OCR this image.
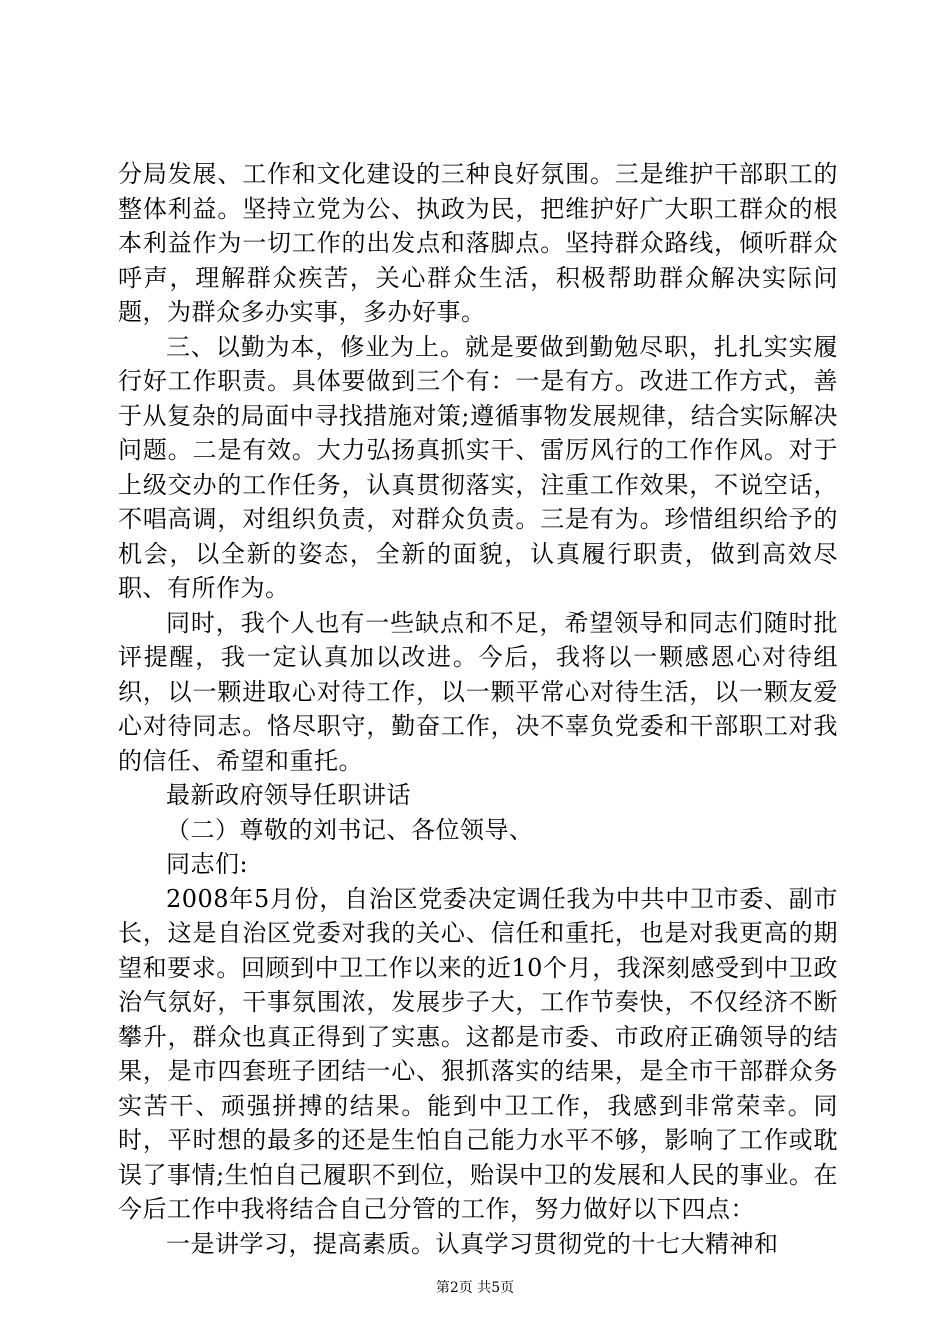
分局发展、工作和文化建设的三种良好氛围。三是维护干部职工的整体利益。坚持立党为公、执政为民，把维护好广大职工群众的根本利益作为一切工作的出发点和落脚点。坚持群众路线，倾听群众呼声，理解群众疾苦，关心群众生活，积极帮助群众解决实际问题，为群众多办实事，多办好事。

三、以勤为本，修业为上。就是要做到勤勉尽职，扎扎实实履行好工作职责。具体要做到三个有：一是有方。改进工作方式，善于从复杂的局面中寻找措施对策;遵循事物发展规律，结合实际解决问题。二是有效。大力弘扬真抓实干、雷厉风行的工作作风。对于上级交办的工作任务，认真贯彻落实，注重工作效果，不说空话，不唱高调，对组织负责，对群众负责。三是有为。珍惜组织给予的机会，以全新的姿态，全新的面貌，认真履行职责，做到高效尽职、有所作为。

同时，我个人也有一些缺点和不足，希望领导和同志们随时批评提醒，我一定认真加以改进。今后，我将以一颗感恩心对待组织，以一颗进取心对待工作，以一颗平常心对待生活，以一颗友爱心对待同志。恪尽职守，勤奋工作，决不辜负党委和干部职工对我的信任、希望和重托。

最新政府领导任职讲话

（二）尊敬的刘书记、各位领导、

同志们:

2008年5月份，自治区党委决定调任我为中共中卫市委、副市长，这是自治区党委对我的关心、信任和重托，也是对我更高的期望和要求。回顾到中卫工作以来的近10个月，我深刻感受到中卫政治气氛好，干事氛围浓，发展步子大，工作节奏快，不仅经济不断攀升，群众也真正得到了实惠。这都是市委、市政府正确领导的结果，是市四套班子团结一心、狠抓落实的结果，是全市干部群众务实苦干、顽强拼搏的结果。能到中卫工作，我感到非常荣幸。同时，平时想的最多的还是生怕自己能力水平不够，影响了工作或耽误了事情;生怕自己履职不到位，贻误中卫的发展和人民的事业。在今后工作中我将结合自己分管的工作，努力做好以下四点：

一是讲学习，提高素质。认真学习贯彻党的十七大精神和

第2页 共5页
